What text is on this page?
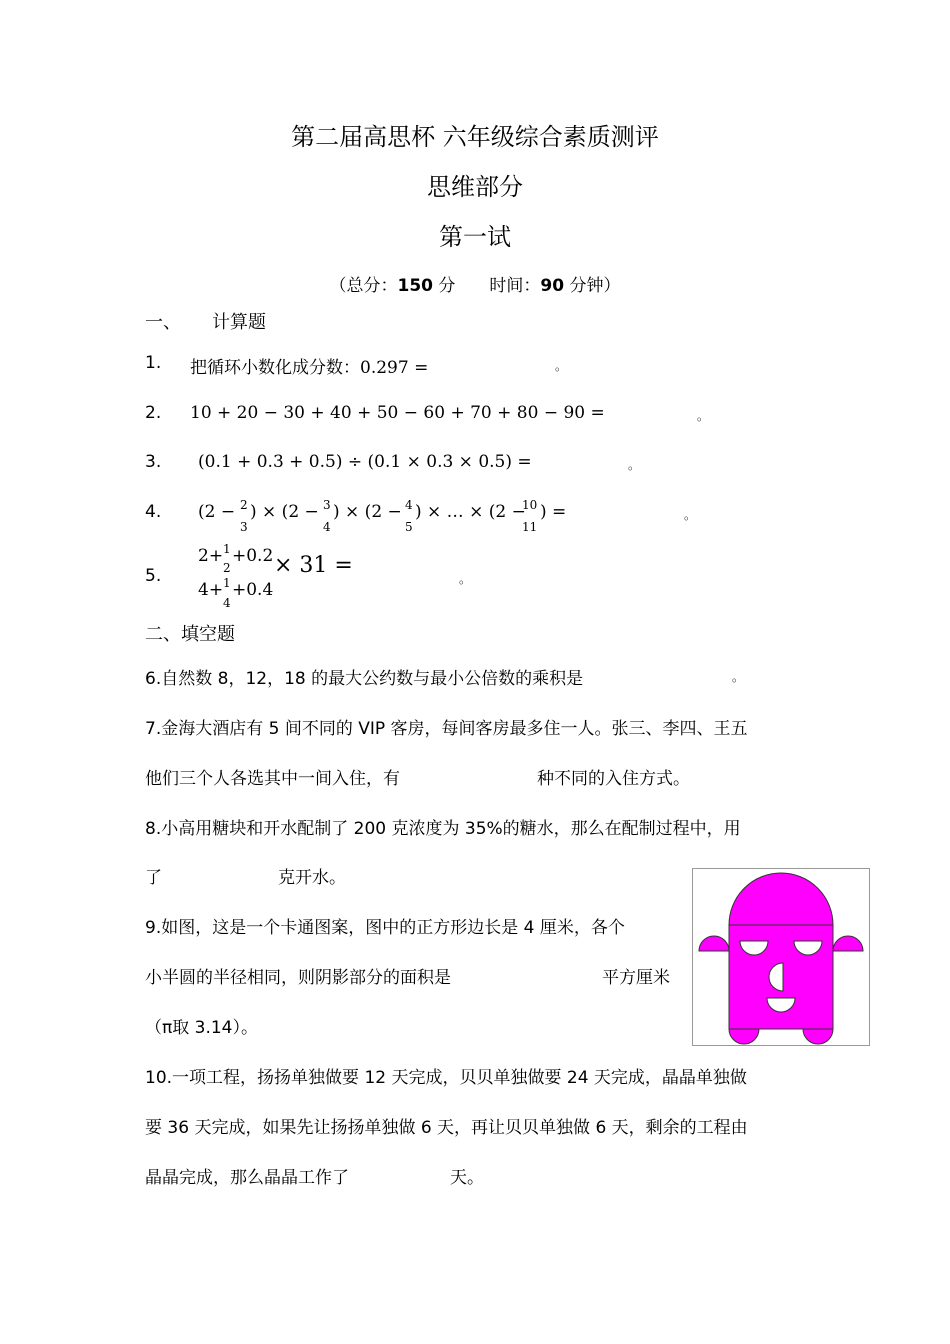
第二届高思杯 六年级综合素质测评
思维部分
第一试
（总分：150 分　　时间：90 分钟）
一、 计算题
1. 把循环小数化成分数：0.297 =	。
2. 10 + 20 − 30 + 40 + 50 − 60 + 70 + 80 − 90 =	。
3. (0.1 + 0.3 + 0.5) ÷ (0.1 × 0.3 × 0.5) =	。
4. (2 − 2
3
) × (2 − 3
4
) × (2 − 4
5
) × … × (2 −
10
11
) =	。
5.
2+ 1
2
+0.2
4+ 1
4
+0.4
× 31 =
。
二、填空题
6.自然数 8，12，18 的最大公约数与最小公倍数的乘积是	。
7.金海大酒店有 5 间不同的 VIP 客房，每间客房最多住一人。张三、李四、王五
他们三个人各选其中一间入住，有	种不同的入住方式。
8.小高用糖块和开水配制了 200 克浓度为 35%的糖水，那么在配制过程中，用
了	克开水。
9.如图，这是一个卡通图案，图中的正方形边长是 4 厘米，各个
小半圆的半径相同，则阴影部分的面积是	平方厘米
（π取 3.14）。
10.一项工程，扬扬单独做要 12 天完成，贝贝单独做要 24 天完成，晶晶单独做
要 36 天完成，如果先让扬扬单独做 6 天，再让贝贝单独做 6 天，剩余的工程由
晶晶完成，那么晶晶工作了	天。
